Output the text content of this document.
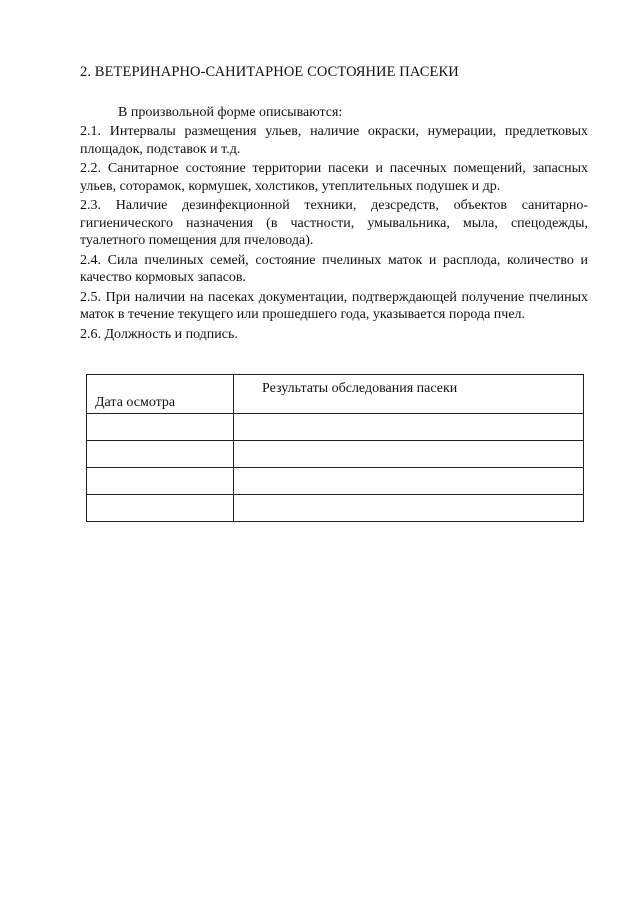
2. ВЕТЕРИНАРНО-САНИТАРНОЕ СОСТОЯНИЕ ПАСЕКИ

В произвольной форме описываются:

2.1. Интервалы размещения ульев, наличие окраски, нумерации, предлетковых площадок, подставок и т.д.

2.2. Санитарное состояние территории пасеки и пасечных помещений, запасных ульев, соторамок, кормушек, холстиков, утеплительных подушек и др.

2.3. Наличие дезинфекционной техники, дезсредств, объектов санитарно-гигиенического назначения (в частности, умывальника, мыла, спецодежды, туалетного помещения для пчеловода).

2.4. Сила пчелиных семей, состояние пчелиных маток и расплода, количество и качество кормовых запасов.

2.5. При наличии на пасеках документации, подтверждающей получение пчелиных маток в течение текущего или прошедшего года, указывается порода пчел.

2.6. Должность и подпись.

Дата осмотра	Результаты обследования пасеки
